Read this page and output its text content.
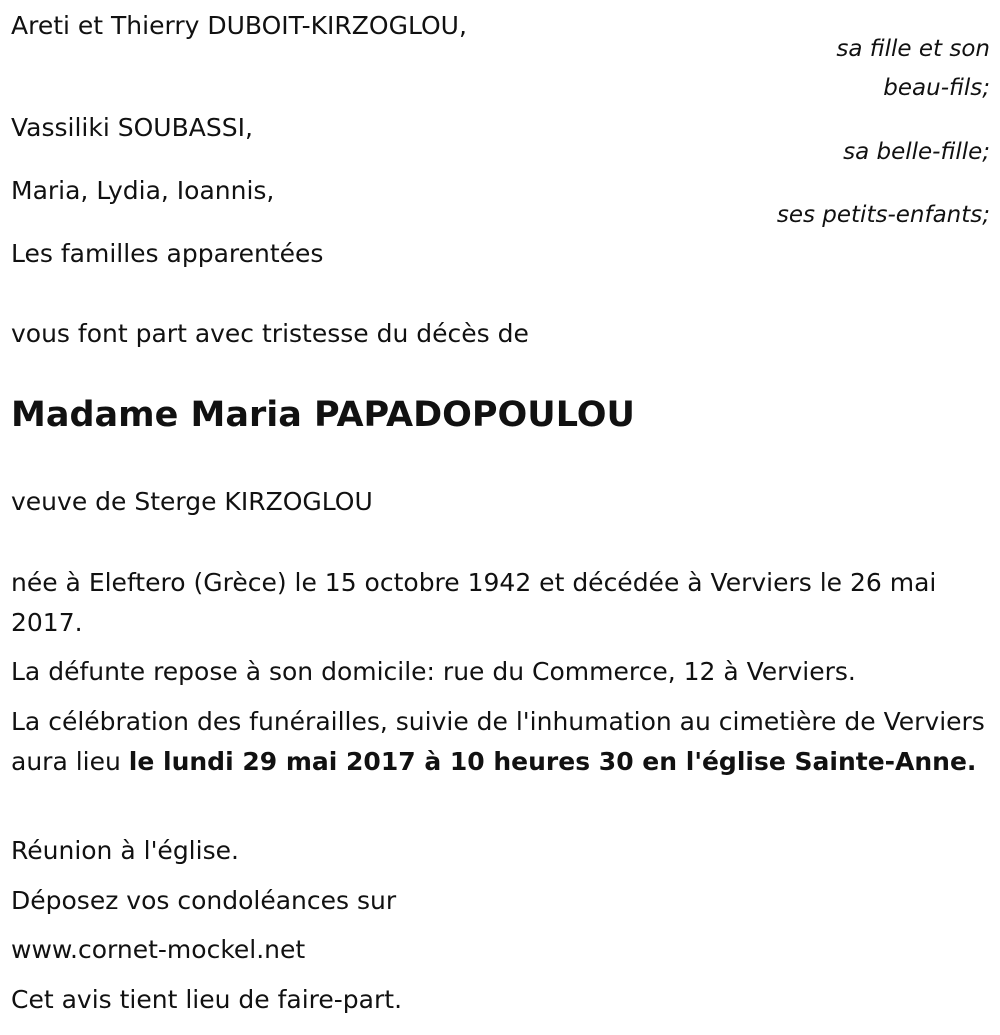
Areti et Thierry DUBOIT-KIRZOGLOU,
sa fille et son
beau-fils;
Vassiliki SOUBASSI,
sa belle-fille;
Maria, Lydia, Ioannis,
ses petits-enfants;
Les familles apparentées
vous font part avec tristesse du décès de
Madame Maria PAPADOPOULOU
veuve de Sterge KIRZOGLOU
née à Eleftero (Grèce) le 15 octobre 1942 et décédée à Verviers le 26 mai 2017.
La défunte repose à son domicile: rue du Commerce, 12 à Verviers.
La célébration des funérailles, suivie de l'inhumation au cimetière de Verviers aura lieu le lundi 29 mai 2017 à 10 heures 30 en l'église Sainte-Anne.
Réunion à l'église.
Déposez vos condoléances sur
www.cornet-mockel.net
Cet avis tient lieu de faire-part.
